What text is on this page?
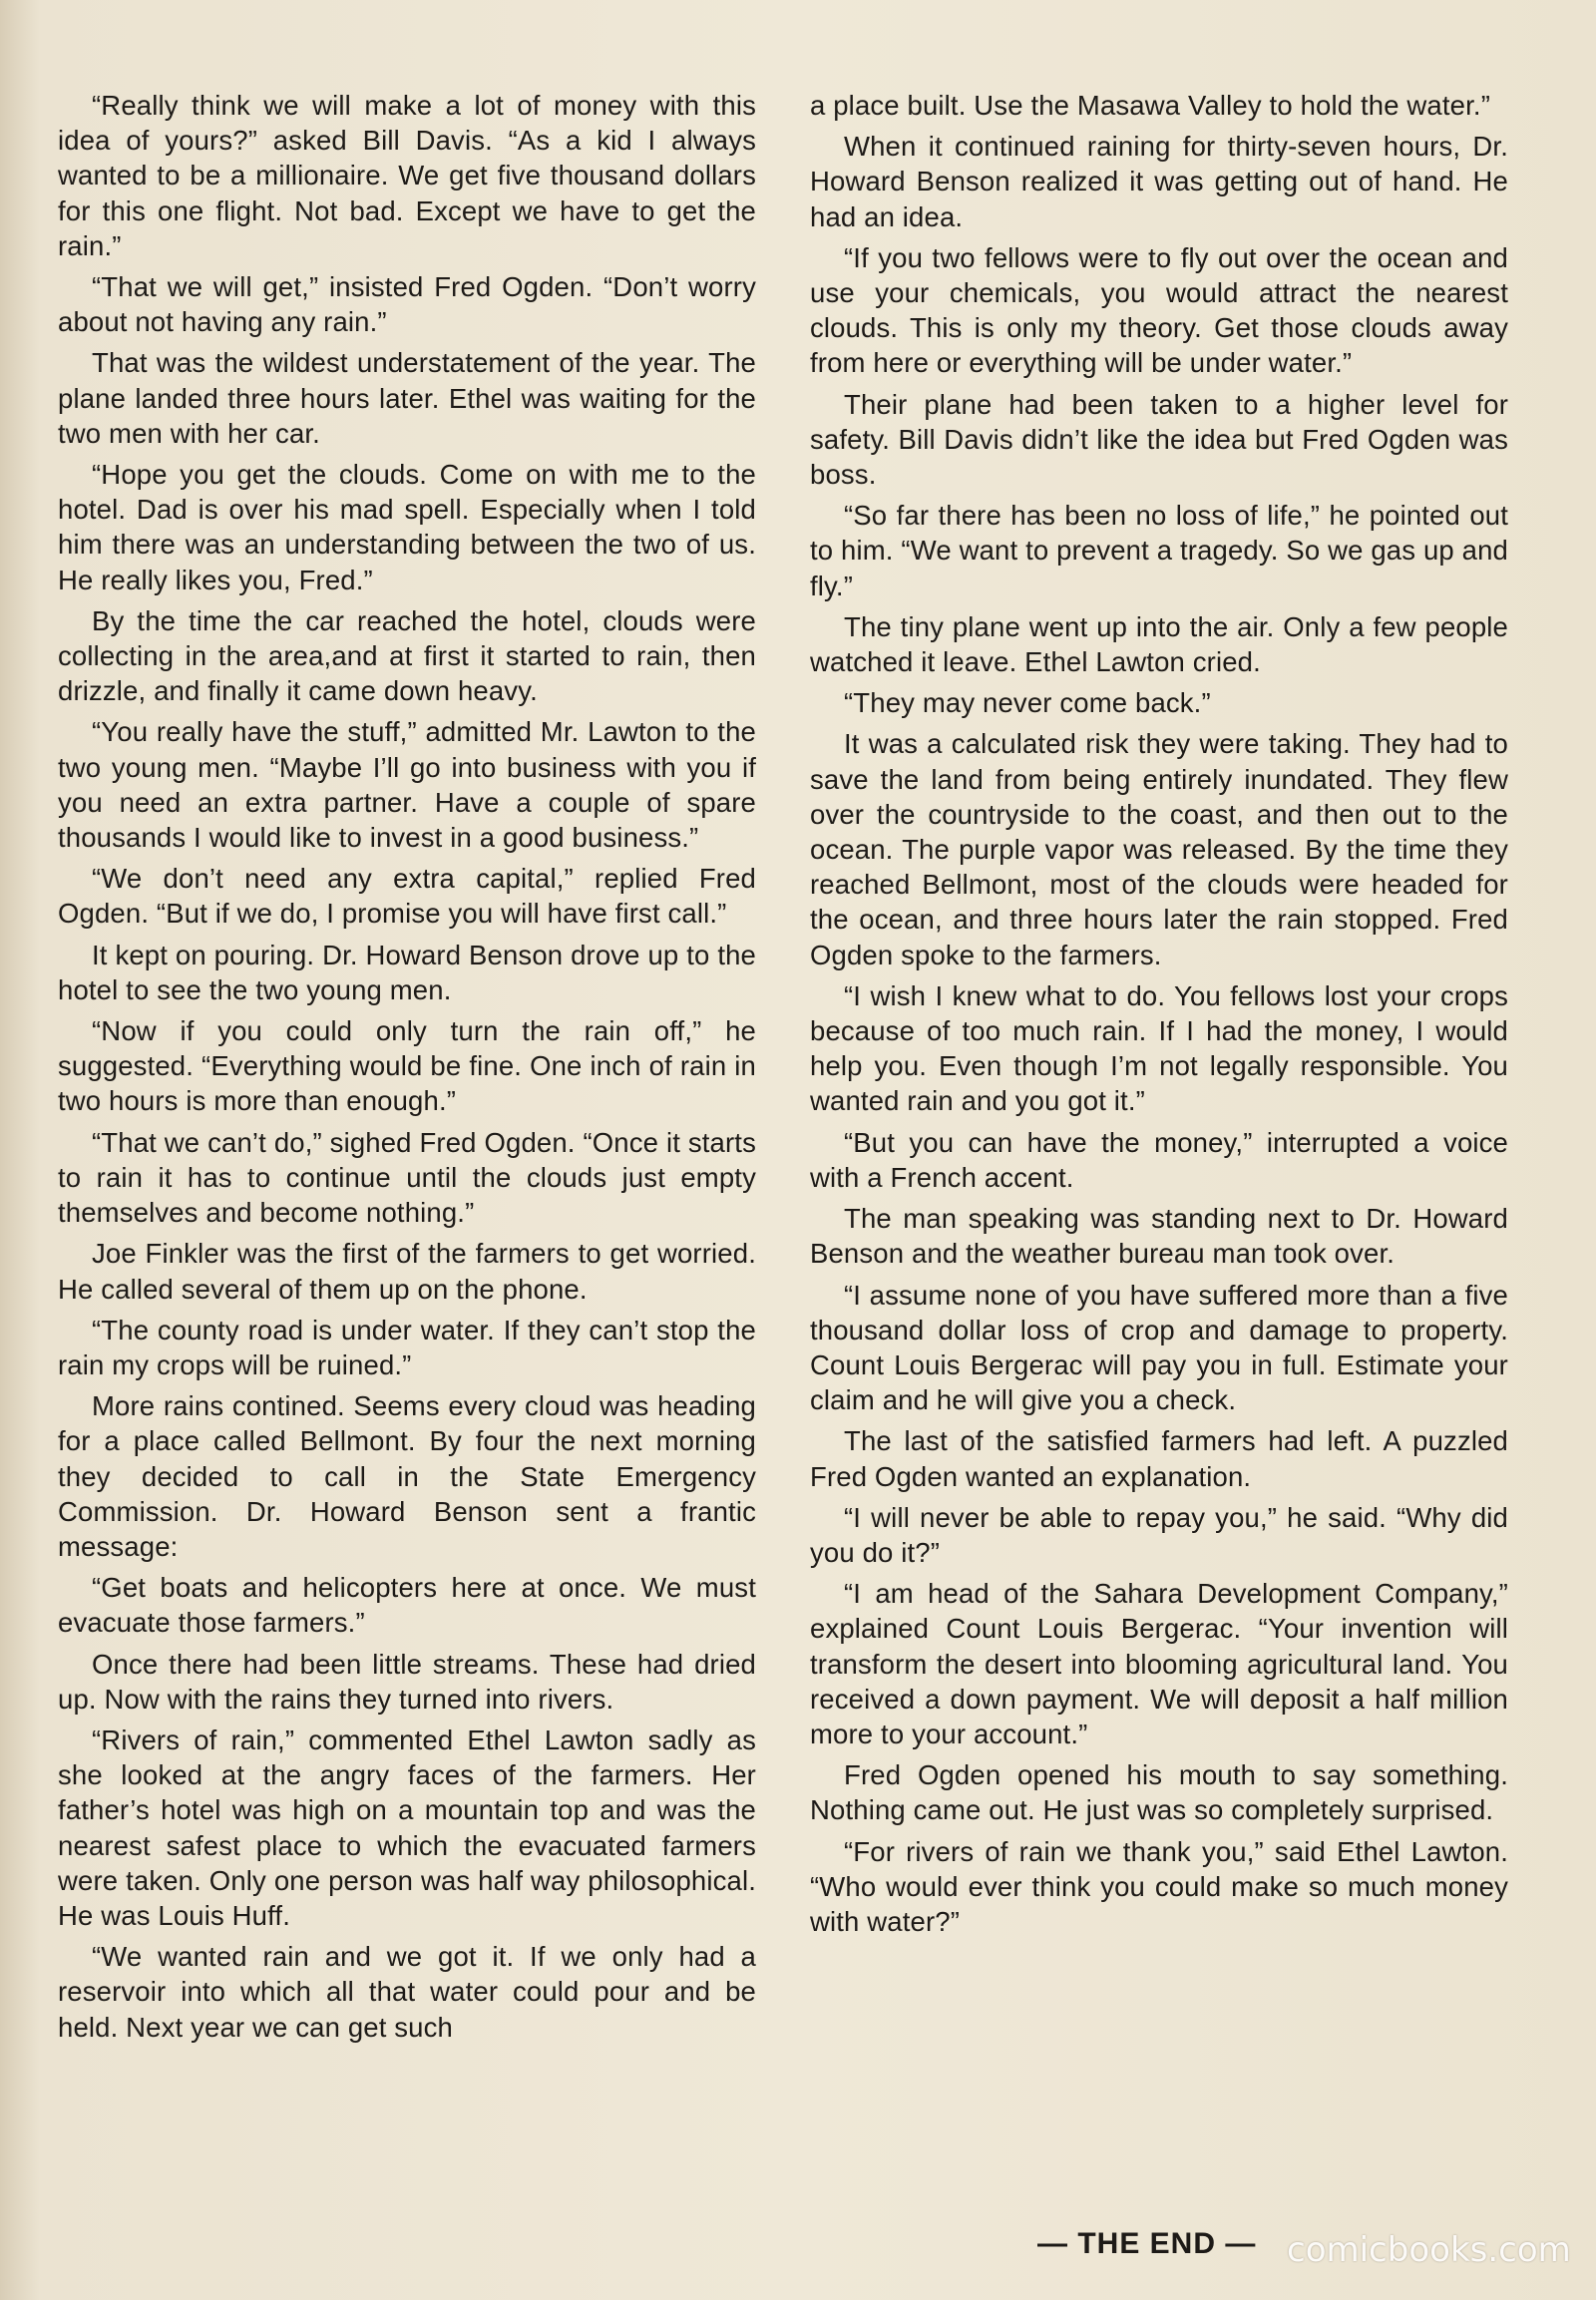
“Really think we will make a lot of money with this idea of yours?” asked Bill Davis. “As a kid I always wanted to be a millionaire. We get five thousand dollars for this one flight. Not bad. Except we have to get the rain.”

“That we will get,” insisted Fred Ogden. “Don’t worry about not having any rain.”

That was the wildest understatement of the year. The plane landed three hours later. Ethel was waiting for the two men with her car.

“Hope you get the clouds. Come on with me to the hotel. Dad is over his mad spell. Especially when I told him there was an understanding between the two of us. He really likes you, Fred.”

By the time the car reached the hotel, clouds were collecting in the area,and at first it started to rain, then drizzle, and finally it came down heavy.

“You really have the stuff,” admitted Mr. Lawton to the two young men. “Maybe I’ll go into business with you if you need an extra partner. Have a couple of spare thousands I would like to invest in a good business.”

“We don’t need any extra capital,” replied Fred Ogden. “But if we do, I promise you will have first call.”

It kept on pouring. Dr. Howard Benson drove up to the hotel to see the two young men.

“Now if you could only turn the rain off,” he suggested. “Everything would be fine. One inch of rain in two hours is more than enough.”

“That we can’t do,” sighed Fred Ogden. “Once it starts to rain it has to continue until the clouds just empty themselves and become nothing.”

Joe Finkler was the first of the farmers to get worried. He called several of them up on the phone.

“The county road is under water. If they can’t stop the rain my crops will be ruined.”

More rains contined. Seems every cloud was heading for a place called Bellmont. By four the next morning they decided to call in the State Emergency Commission. Dr. Howard Benson sent a frantic message:

“Get boats and helicopters here at once. We must evacuate those farmers.”

Once there had been little streams. These had dried up. Now with the rains they turned into rivers.

“Rivers of rain,” commented Ethel Lawton sadly as she looked at the angry faces of the farmers. Her father’s hotel was high on a mountain top and was the nearest safest place to which the evacuated farmers were taken. Only one person was half way philosophical. He was Louis Huff.

“We wanted rain and we got it. If we only had a reservoir into which all that water could pour and be held. Next year we can get such

a place built. Use the Masawa Valley to hold the water.”

When it continued raining for thirty-seven hours, Dr. Howard Benson realized it was getting out of hand. He had an idea.

“If you two fellows were to fly out over the ocean and use your chemicals, you would attract the nearest clouds. This is only my theory. Get those clouds away from here or everything will be under water.”

Their plane had been taken to a higher level for safety. Bill Davis didn’t like the idea but Fred Ogden was boss.

“So far there has been no loss of life,” he pointed out to him. “We want to prevent a tragedy. So we gas up and fly.”

The tiny plane went up into the air. Only a few people watched it leave. Ethel Lawton cried.

“They may never come back.”

It was a calculated risk they were taking. They had to save the land from being entirely inundated. They flew over the countryside to the coast, and then out to the ocean. The purple vapor was released. By the time they reached Bellmont, most of the clouds were headed for the ocean, and three hours later the rain stopped. Fred Ogden spoke to the farmers.

“I wish I knew what to do. You fellows lost your crops because of too much rain. If I had the money, I would help you. Even though I’m not legally responsible. You wanted rain and you got it.”

“But you can have the money,” interrupted a voice with a French accent.

The man speaking was standing next to Dr. Howard Benson and the weather bureau man took over.

“I assume none of you have suffered more than a five thousand dollar loss of crop and damage to property. Count Louis Bergerac will pay you in full. Estimate your claim and he will give you a check.

The last of the satisfied farmers had left. A puzzled Fred Ogden wanted an explanation.

“I will never be able to repay you,” he said. “Why did you do it?”

“I am head of the Sahara Development Company,” explained Count Louis Bergerac. “Your invention will transform the desert into blooming agricultural land. You received a down payment. We will deposit a half million more to your account.”

Fred Ogden opened his mouth to say something. Nothing came out. He just was so completely surprised.

“For rivers of rain we thank you,” said Ethel Lawton. “Who would ever think you could make so much money with water?”

— THE END — comicbooks.com
